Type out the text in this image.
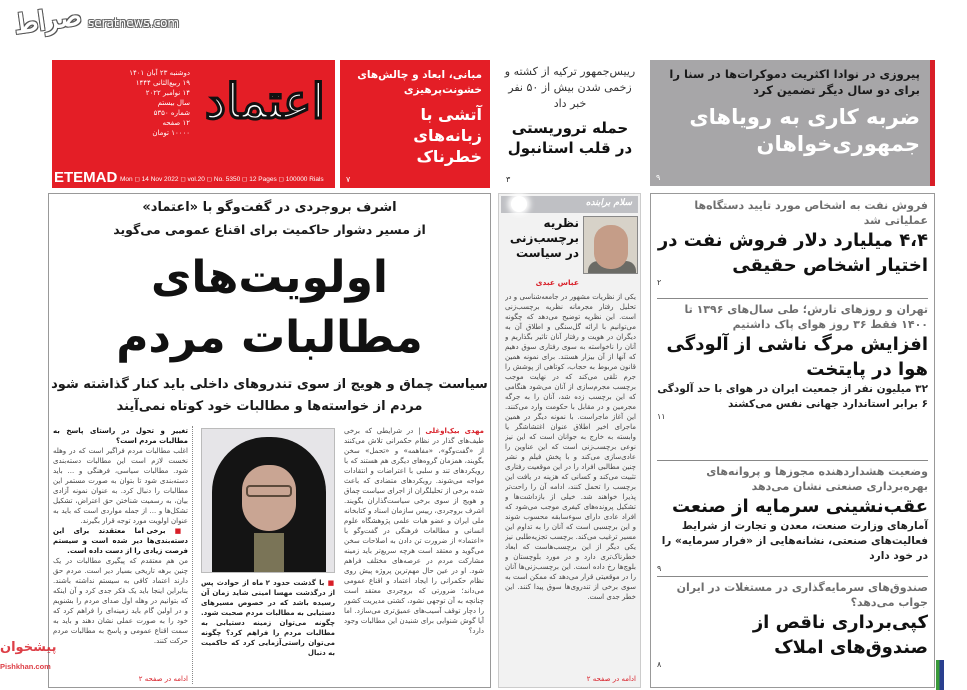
صراط seratnews.com
اعتماد
دوشنبه ۲۳ آبان ۱۴۰۱
۱۹ ربیع‌الثانی ۱۴۴۴
۱۴ نوامبر ۲۰۲۲
سال بیستم
شماره ۵۳۵۰
۱۲ صفحه
۱۰۰۰۰ تومان
ETEMAD Mon ◻ 14 Nov 2022 ◻ vol.20 ◻ No. 5350 ◻ 12 Pages ◻ 100000 Rials
مبانی، ابعاد و چالش‌های خشونت‌پرهیزی
آتشی با زبانه‌های خطرناک
۷
رییس‌جمهور ترکیه از کشته و زخمی شدن بیش از ۵۰ نفر خبر داد
حمله تروریستی در قلب استانبول
۳
پیروزی در نوادا اکثریت دموکرات‌ها در سنا را برای دو سال دیگر تضمین کرد
ضربه کاری به رویاهای جمهوری‌خواهان
۹
اشرف بروجردی در گفت‌وگو با «اعتماد»
از مسیر دشوار حاکمیت برای اقناع عمومی می‌گوید
اولویت‌های
مطالبات مردم
سیاست چماق و هویج از سوی تندروهای داخلی باید کنار گذاشته شود
مردم از خواسته‌ها و مطالبات خود کوتاه نمی‌آیند
مهدی بیک‌اوغلی | در شرایطی که برخی طیف‌های گذار در نظام حکمرانی تلاش می‌کنند از «گفت‌وگو»، «مفاهمه» و «تحمل» سخن بگویند، همزمان گروه‌های دیگری هم هستند که با رویکردهای تند و سلبی با اعتراضات و انتقادات مواجه می‌شوند. رویکردهای متضادی که باعث شده برخی از تحلیلگران از اجرای سیاست چماق و هویج از سوی برخی سیاست‌گذاران بگویند. اشرف بروجردی، رییس سازمان اسناد و کتابخانه ملی ایران و عضو هیات علمی پژوهشگاه علوم انسانی و مطالعات فرهنگی در گفت‌وگو با «اعتماد» از ضرورت تن دادن به اصلاحات سخن می‌گوید و معتقد است هرچه سریع‌تر باید زمینه مشارکت مردم در عرصه‌های مختلف فراهم شود. او در عین حال مهم‌ترین پروژه پیش روی نظام حکمرانی را ایجاد اعتماد و اقناع عمومی می‌داند؛ ضرورتی که بروجردی معتقد است چنانچه به آن توجهی نشود، کشتی مدیریت کشور را دچار توقف آسیب‌های عمیق‌تری می‌سازد. اما آیا گوش شنوایی برای شنیدن این مطالبات وجود دارد؟
■ با گذشت حدود ۲ ماه از حوادث پس از درگذشت مهسا امینی شاید زمان آن رسیده باشد که در خصوص مسیرهای دستیابی به مطالبات مردم صحبت شود. چگونه می‌توان زمینه دستیابی به مطالبات مردم را فراهم کرد؟ چگونه می‌توان راستی‌آزمایی کرد که حاکمیت به دنبال
تغییر و تحول در راستای پاسخ به مطالبات مردم است؟
اغلب مطالبات مردم فراگیر است که در وهله نخست لازم است این مطالبات دسته‌بندی شود. مطالبات سیاسی، فرهنگی و ... باید دسته‌بندی شود تا بتوان به صورت مستمر این مطالبات را دنبال کرد. به عنوان نمونه آزادی بیان، به رسمیت شناختن حق اعتراض، تشکیل تشکل‌ها و ... از جمله مواردی است که باید به عنوان اولویت مورد توجه قرار بگیرند.
■ برخی اما معتقدند برای این دسته‌بندی‌ها دیر شده است و سیستم فرصت زیادی را از دست داده است.
من هم معتقدم که پیگیری مطالبات در یک چنین برهه تاریخی بسیار دیر است. مردم حق دارند اعتماد کافی به سیستم نداشته باشند. بنابراین اینجا باید یک فکر جدی کرد و آن اینکه که بتوانیم در وهله اول صدای مردم را بشنویم و در اولین گام باید زمینه‌ای را فراهم کرد که خود را به صورت عملی نشان دهند و باید به سمت اقناع عمومی و پاسخ به مطالبات مردم حرکت کنند.
ادامه در صفحه ۲
سلام برابنده
نظریه برچسب‌زنی در سیاست
عباس عبدی
یکی از نظریات مشهور در جامعه‌شناسی و در تحلیل رفتار مجرمانه نظریه برچسب‌زنی است. این نظریه توضیح می‌دهد که چگونه می‌توانیم با ارائه گل‌سنگی و اطلاق آن به دیگران در هویت و رفتار آنان تاثیر بگذاریم و آنان را ناخواسته به سوی رفتاری سوق دهیم که آنها از آن بیزار هستند. برای نمونه همین قانون مربوط به حجاب، کوتاهی از پوشش را جرم تلقی می‌کند که در نهایت موجب برچسب مجرم‌سازی از آنان می‌شود هنگامی که این برچسب زده شد، آنان را به جرگه مجرمین و در مقابل با حکومت وارد می‌کنند. این آغاز ماجراست. با نمونه دیگر در همین ماجرای اخیر اطلاق عنوان اغتشاشگر یا وابسته به خارج به جوانان است که این نیز نوعی برچسب‌زنی است که این عناوین را عادی‌سازی می‌کند و با پخش فیلم و نشر چنین مطالبی افراد را در این موقعیت رفتاری تثبیت می‌کند و کسانی که هزینه در یافت این برچسب را تحمل کنند، ادامه آن را راحت‌تر پذیرا خواهند شد. خیلی از بازداشت‌ها و تشکیل پرونده‌های کیفری موجب می‌شود که افراد عادی دارای سوءسابقه محسوب شوند و این برچسبی است که آنان را به تداوم این مسیر ترغیب می‌کند. برچسب تجزیه‌طلبی نیز یکی دیگر از این برچسب‌هاست که ابعاد خطرناک‌تری دارد و در مورد بلوچستان و بلوچ‌ها رخ داده است. این برچسب‌زنی‌ها آنان را در موقعیتی قرار می‌دهد که ممکن است به سوی برخی از تندروی‌ها سوق پیدا کنند. این خطر جدی است.
ادامه در صفحه ۲
فروش نفت به اشخاص مورد تایید دستگاه‌ها عملیاتی شد
۴،۴ میلیارد دلار فروش نفت در اختیار اشخاص حقیقی
۲
تهران و روزهای تارش؛ طی سال‌های ۱۳۹۶ تا ۱۴۰۰ فقط ۳۶ روز هوای پاک داشتیم
افزایش مرگ ناشی از آلودگی هوا در پایتخت
۳۲ میلیون نفر از جمعیت ایران در هوای با حد آلودگی ۶ برابر استاندارد جهانی نفس می‌کشند
۱۱
وضعیت هشداردهنده مجوزها و پروانه‌های بهره‌برداری صنعتی نشان می‌دهد
عقب‌نشینی سرمایه از صنعت
آمارهای وزارت صنعت، معدن و تجارت از شرایط فعالیت‌های صنعتی، نشانه‌هایی از «فرار سرمایه» را در خود دارد
۹
صندوق‌های سرمایه‌گذاری در مستغلات در ایران جواب می‌دهد؟
کپی‌برداری ناقص از صندوق‌های املاک
۸
پیشخوان
Pishkhan.com
